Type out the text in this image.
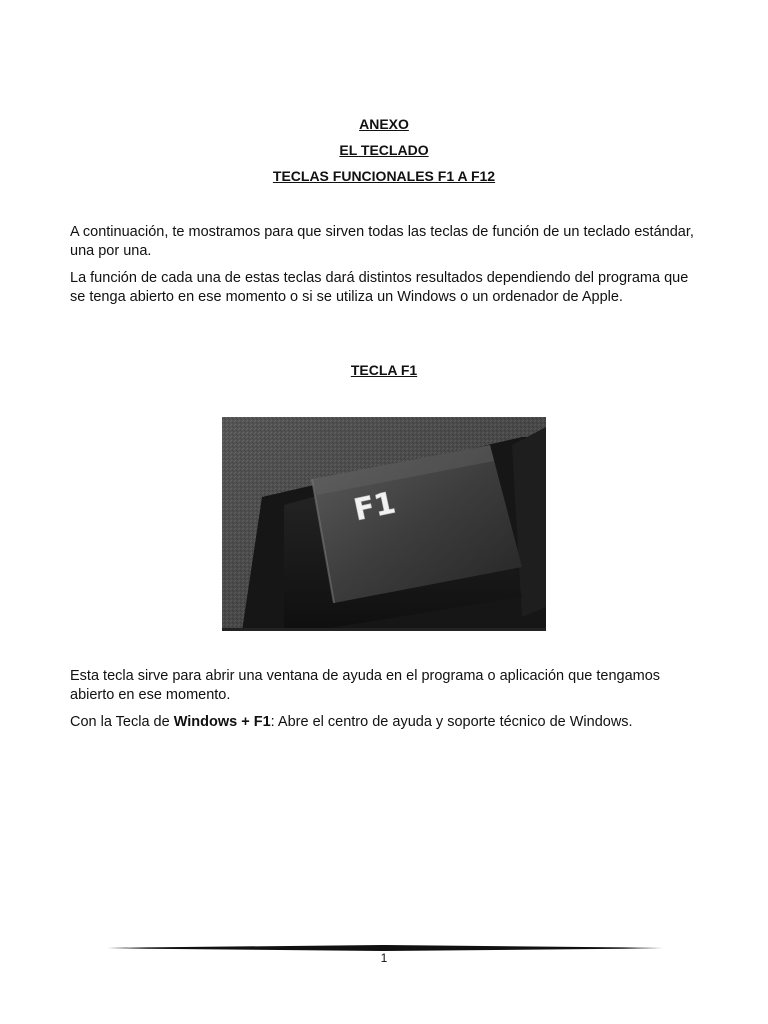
ANEXO
EL TECLADO
TECLAS FUNCIONALES F1 A F12

A continuación, te mostramos para que sirven todas las teclas de función de un teclado estándar, una por una.

La función de cada una de estas teclas dará distintos resultados dependiendo del programa que se tenga abierto en ese momento o si se utiliza un Windows o un ordenador de Apple.

TECLA F1
F1

Esta tecla sirve para abrir una ventana de ayuda en el programa o aplicación que tengamos abierto en ese momento.

Con la Tecla de Windows + F1: Abre el centro de ayuda y soporte técnico de Windows.

1
